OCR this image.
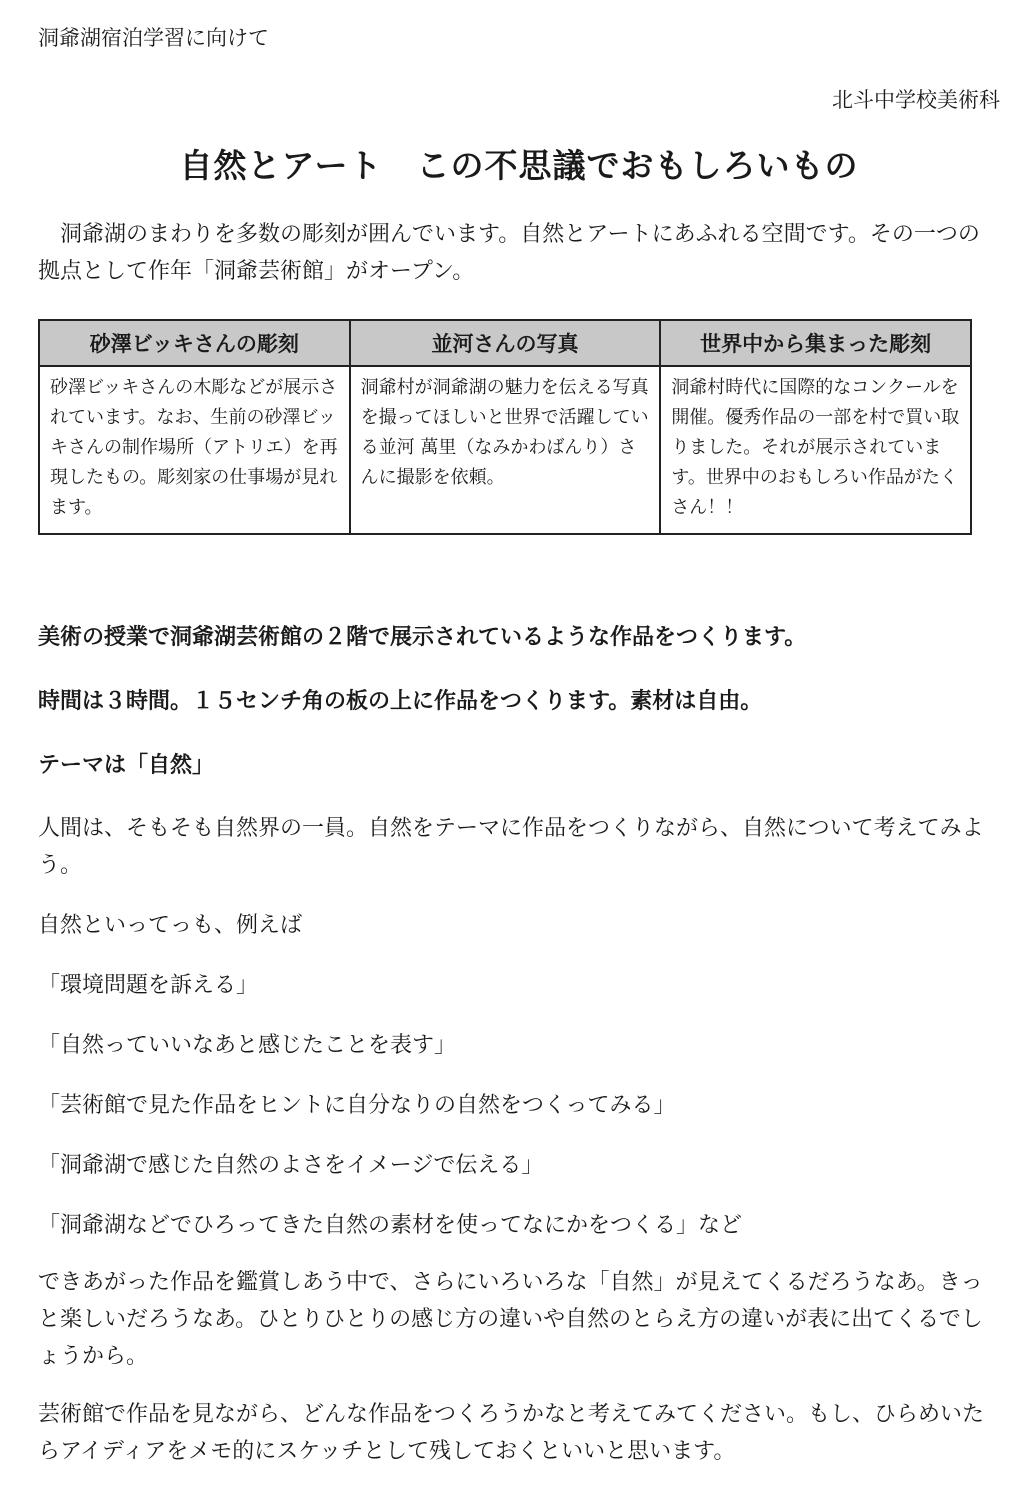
洞爺湖宿泊学習に向けて
北斗中学校美術科
自然とアート　この不思議でおもしろいもの
洞爺湖のまわりを多数の彫刻が囲んでいます。自然とアートにあふれる空間です。その一つの拠点として作年「洞爺芸術館」がオープン。
砂澤ビッキさんの彫刻	並河さんの写真	世界中から集まった彫刻
砂澤ビッキさんの木彫などが展示されています。なお、生前の砂澤ビッキさんの制作場所（アトリエ）を再現したもの。彫刻家の仕事場が見れます。	洞爺村が洞爺湖の魅力を伝える写真を撮ってほしいと世界で活躍している並河 萬里（なみかわばんり）さんに撮影を依頼。	洞爺村時代に国際的なコンクールを開催。優秀作品の一部を村で買い取りました。それが展示されています。世界中のおもしろい作品がたくさん！！
美術の授業で洞爺湖芸術館の２階で展示されているような作品をつくります。
時間は３時間。１５センチ角の板の上に作品をつくります。素材は自由。
テーマは「自然」
人間は、そもそも自然界の一員。自然をテーマに作品をつくりながら、自然について考えてみよう。
自然といってっも、例えば
「環境問題を訴える」
「自然っていいなあと感じたことを表す」
「芸術館で見た作品をヒントに自分なりの自然をつくってみる」
「洞爺湖で感じた自然のよさをイメージで伝える」
「洞爺湖などでひろってきた自然の素材を使ってなにかをつくる」など
できあがった作品を鑑賞しあう中で、さらにいろいろな「自然」が見えてくるだろうなあ。きっと楽しいだろうなあ。ひとりひとりの感じ方の違いや自然のとらえ方の違いが表に出てくるでしょうから。
芸術館で作品を見ながら、どんな作品をつくろうかなと考えてみてください。もし、ひらめいたらアイディアをメモ的にスケッチとして残しておくといいと思います。
